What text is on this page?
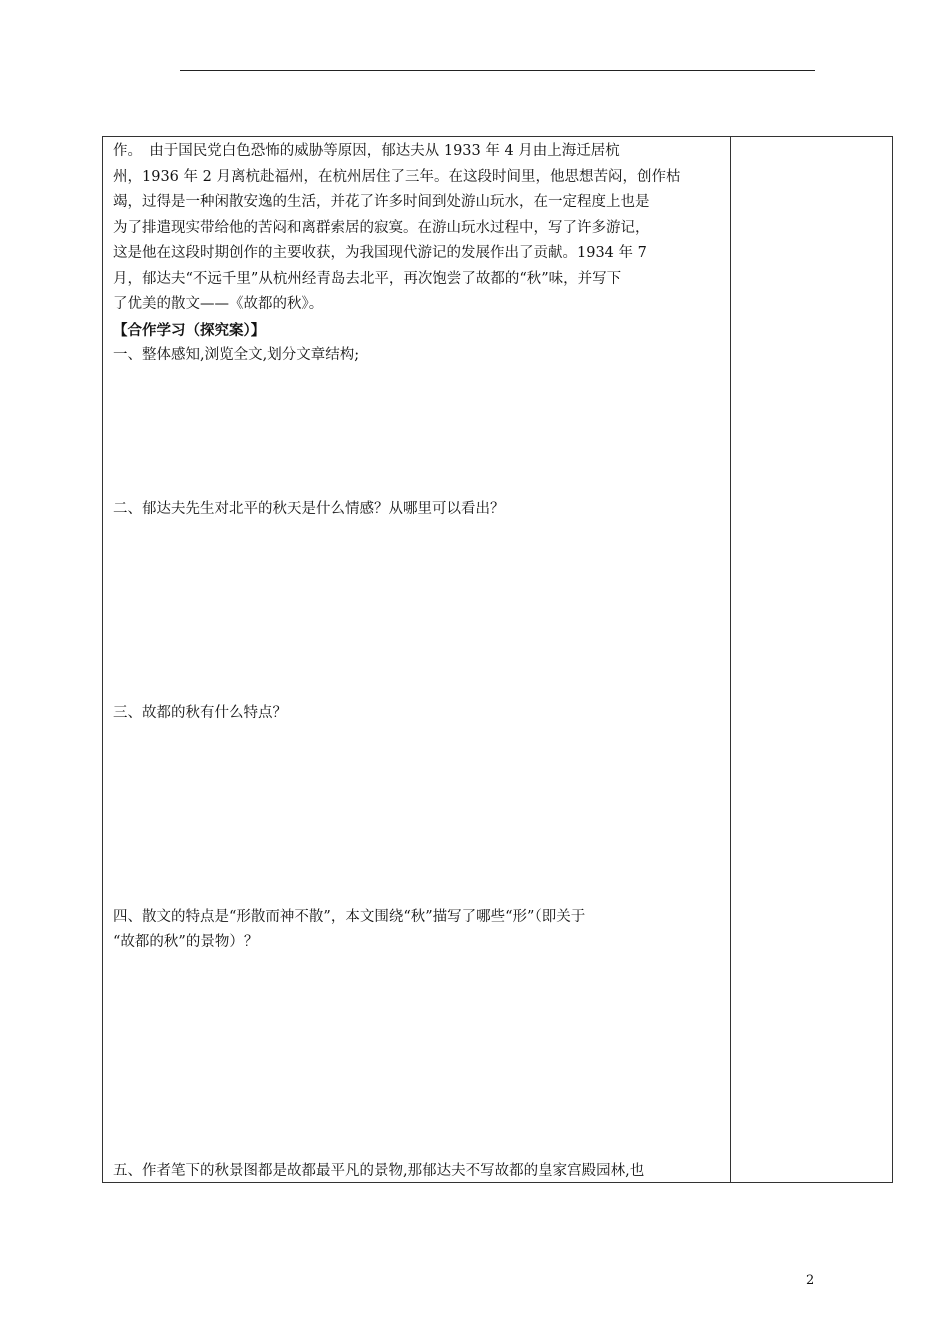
作。　由于国民党白色恐怖的威胁等原因，郁达夫从 1933 年 4 月由上海迁居杭

州，1936 年 2 月离杭赴福州，在杭州居住了三年。在这段时间里，他思想苦闷，创作枯

竭，过得是一种闲散安逸的生活，并花了许多时间到处游山玩水，在一定程度上也是

为了排遣现实带给他的苦闷和离群索居的寂寞。在游山玩水过程中，写了许多游记，

这是他在这段时期创作的主要收获，为我国现代游记的发展作出了贡献。1934 年 7

月，郁达夫“不远千里”从杭州经青岛去北平，再次饱尝了故都的“秋”味，并写下

了优美的散文——《故都的秋》。

【合作学习（探究案）】

一、整体感知,浏览全文,划分文章结构;

二、郁达夫先生对北平的秋天是什么情感？从哪里可以看出？

三、故都的秋有什么特点？

四、散文的特点是“形散而神不散”，本文围绕“秋”描写了哪些“形”（即关于

“故都的秋”的景物）？

五、作者笔下的秋景图都是故都最平凡的景物,那郁达夫不写故都的皇家宫殿园林,也

2
